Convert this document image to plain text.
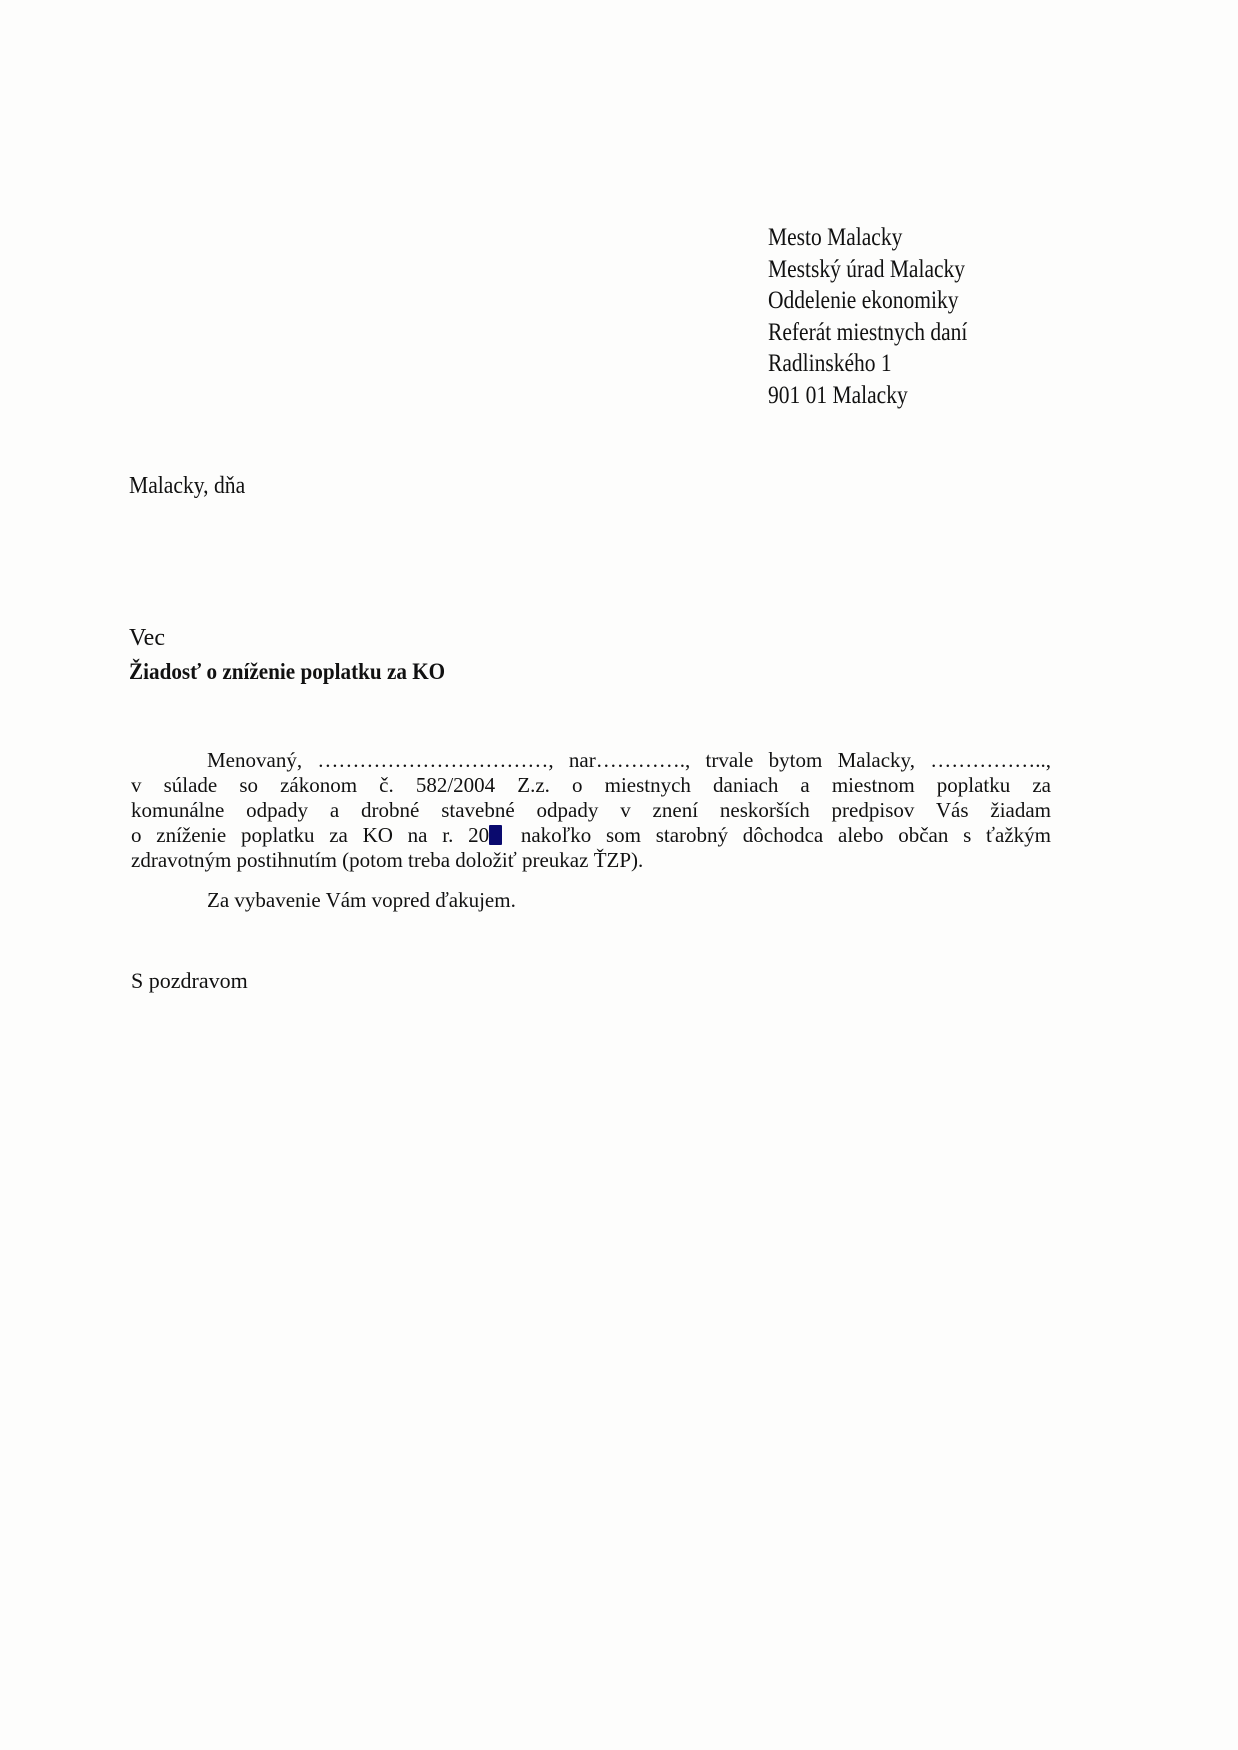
Mesto Malacky
Mestský úrad Malacky
Oddelenie ekonomiky
Referát miestnych daní
Radlinského 1
901 01 Malacky
Malacky, dňa
Vec
Žiadosť o zníženie poplatku za KO
Menovaný, ……………………………, nar…………., trvale bytom Malacky, ……………..,
v súlade so zákonom č. 582/2004 Z.z. o miestnych daniach a miestnom poplatku za
komunálne odpady a drobné stavebné odpady v znení neskorších predpisov Vás žiadam
o zníženie poplatku za KO na r. 20 nakoľko som starobný dôchodca alebo občan s ťažkým
zdravotným postihnutím (potom treba doložiť preukaz ŤZP).
Za vybavenie Vám vopred ďakujem.
S pozdravom
